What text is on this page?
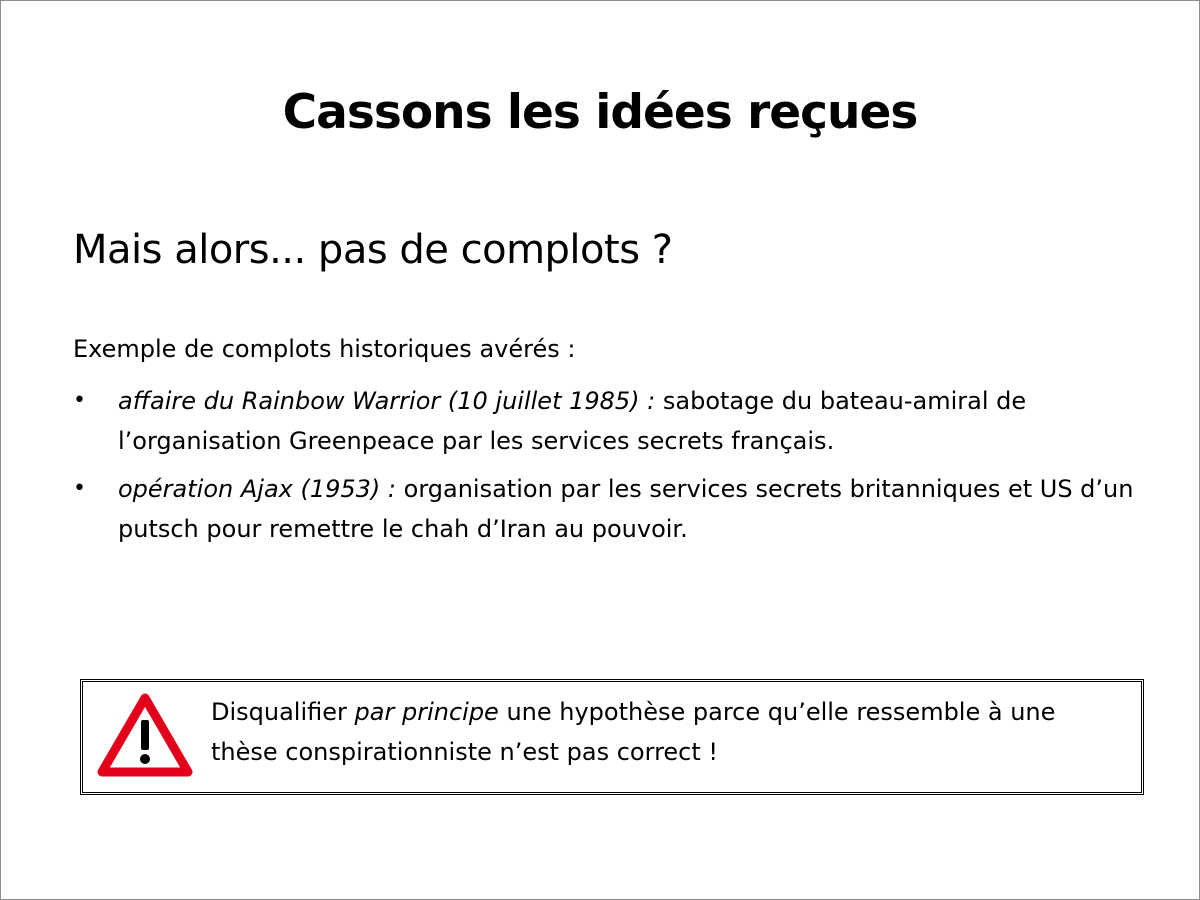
Cassons les idées reçues
Mais alors... pas de complots ?

Exemple de complots historiques avérés :

• affaire du Rainbow Warrior (10 juillet 1985) : sabotage du bateau-amiral de l’organisation Greenpeace par les services secrets français.
• opération Ajax (1953) : organisation par les services secrets britanniques et US d’un putsch pour remettre le chah d’Iran au pouvoir.
Disqualifier par principe une hypothèse parce qu’elle ressemble à une thèse conspirationniste n’est pas correct !
